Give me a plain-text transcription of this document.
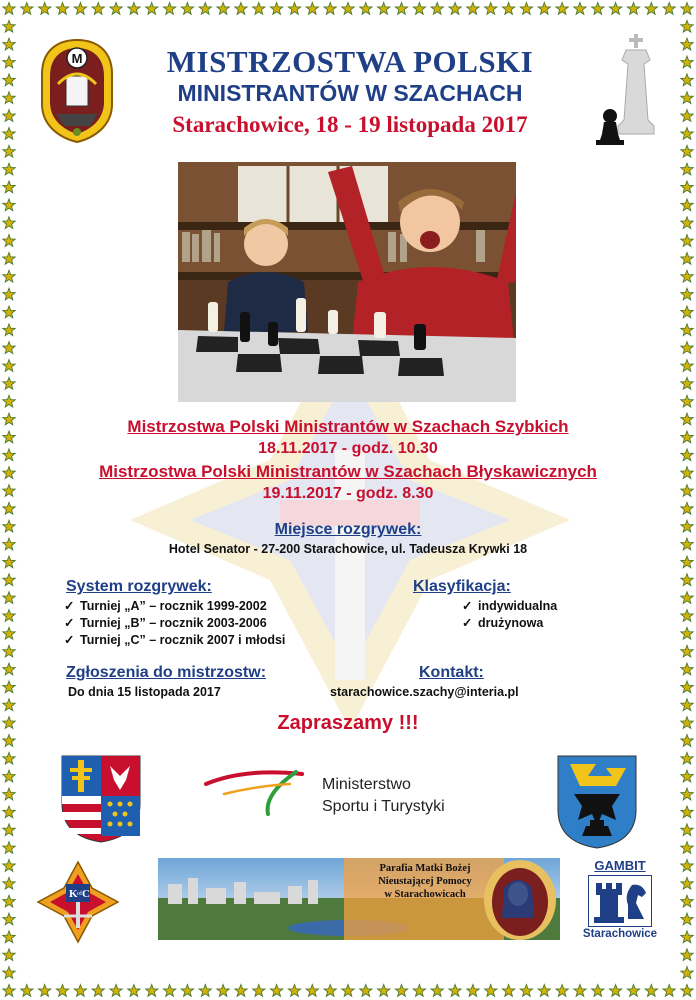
M	MISTRZOSTWA POLSKI
MINISTRANTÓW W SZACHACH
Starachowice, 18 - 19 listopada 2017
Mistrzostwa Polski Ministrantów w Szachach Szybkich
18.11.2017 - godz. 10.30
Mistrzostwa Polski Ministrantów w Szachach Błyskawicznych
19.11.2017 - godz. 8.30
Miejsce rozgrywek:
Hotel Senator - 27-200 Starachowice, ul. Tadeusza Krywki 18
System rozgrywek:
✓ Turniej „A” – rocznik 1999-2002
✓ Turniej „B” – rocznik 2003-2006
✓ Turniej „C” – rocznik 2007 i młodsi
Klasyfikacja:
✓ indywidualna
✓ drużynowa
Zgłoszenia do mistrzostw:
Do dnia 15 listopada 2017
Kontakt:
starachowice.szachy@interia.pl
Zapraszamy !!!
Ministerstwo
Sportu i Turystyki
K of C
Parafia Matki Bożej
Nieustającej Pomocy
w Starachowicach
GAMBIT
Starachowice
